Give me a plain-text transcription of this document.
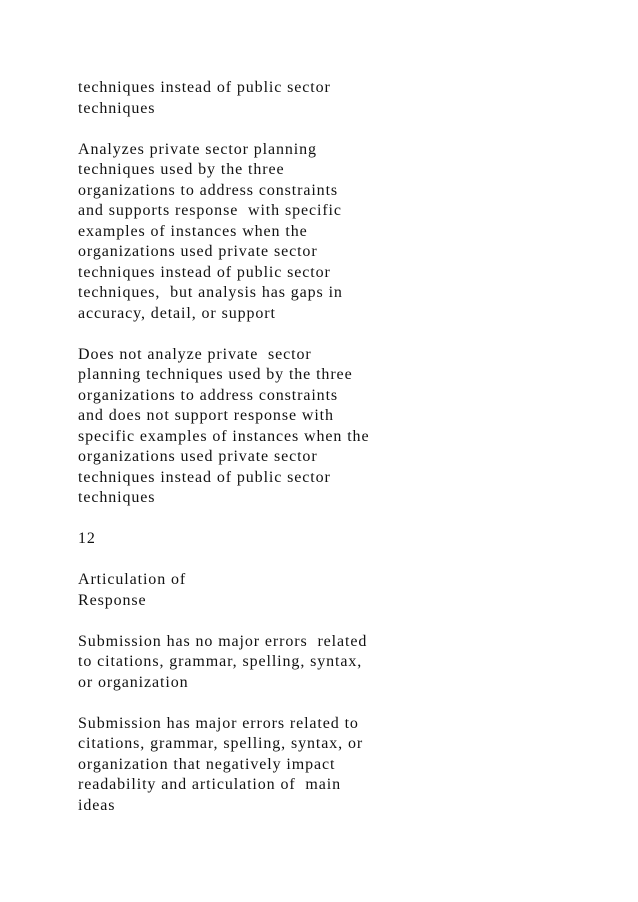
techniques instead of public sector
techniques

Analyzes private sector planning
techniques used by the three
organizations to address constraints
and supports response  with specific
examples of instances when the
organizations used private sector
techniques instead of public sector
techniques,  but analysis has gaps in
accuracy, detail, or support

Does not analyze private  sector
planning techniques used by the three
organizations to address constraints
and does not support response with
specific examples of instances when the
organizations used private sector
techniques instead of public sector
techniques

12

Articulation of
Response

Submission has no major errors  related
to citations, grammar, spelling, syntax,
or organization

Submission has major errors related to
citations, grammar, spelling, syntax, or
organization that negatively impact
readability and articulation of  main
ideas
